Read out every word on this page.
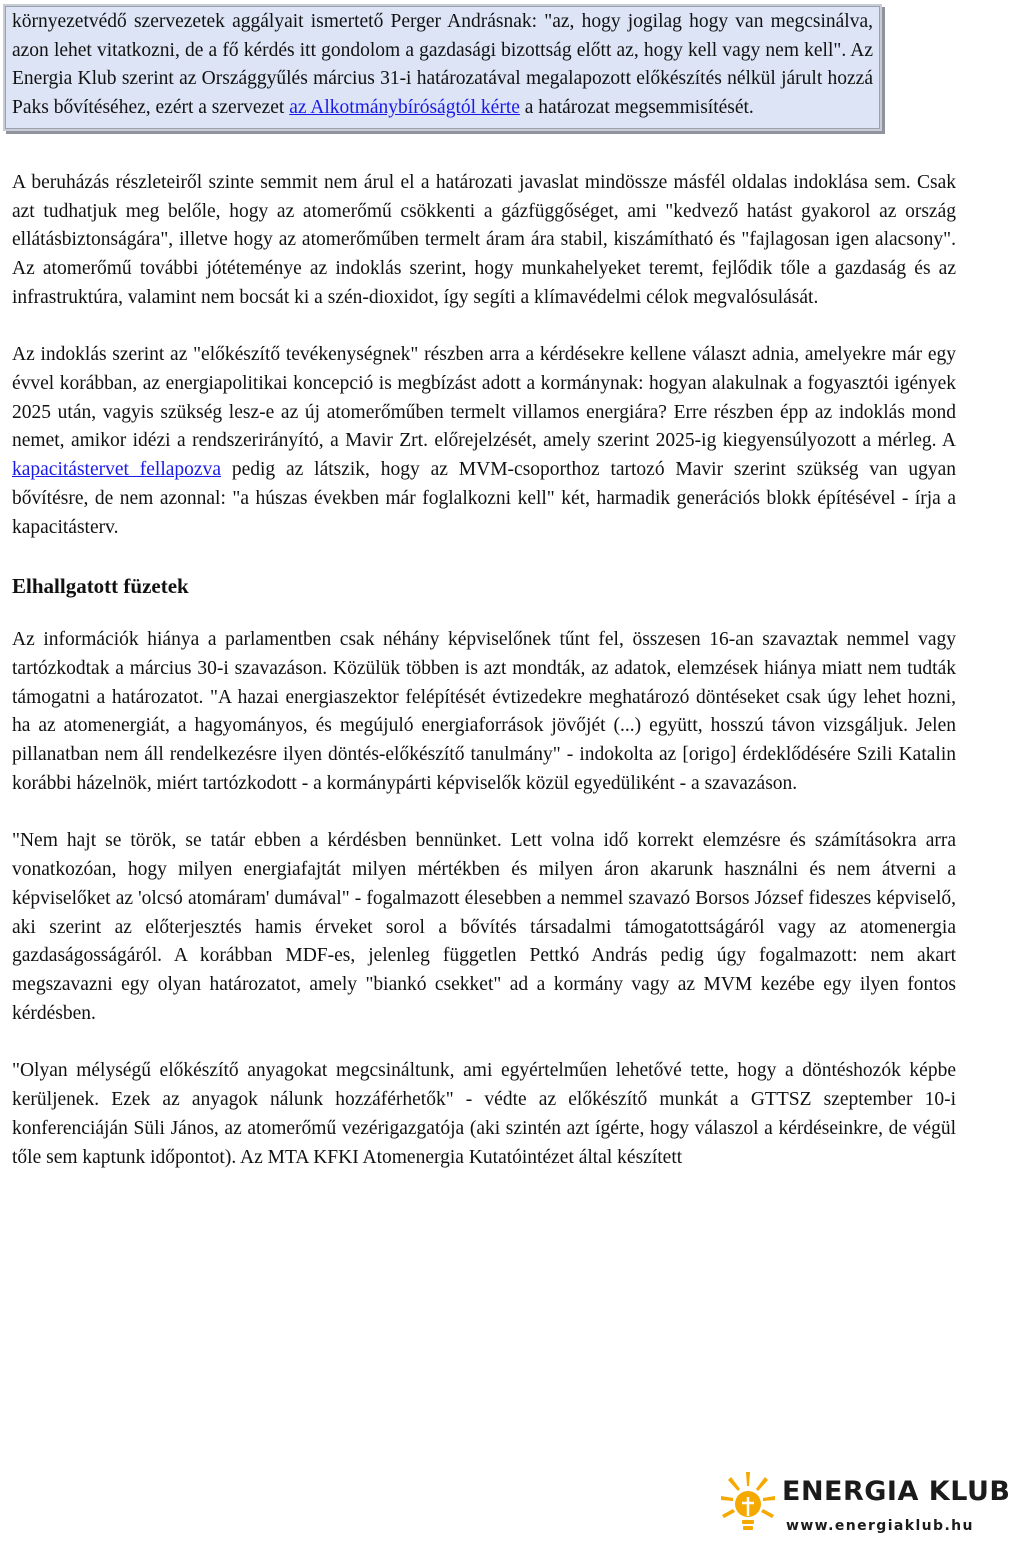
környezetvédő szervezetek aggályait ismertető Perger Andrásnak: "az, hogy jogilag hogy van megcsinálva, azon lehet vitatkozni, de a fő kérdés itt gondolom a gazdasági bizottság előtt az, hogy kell vagy nem kell". Az Energia Klub szerint az Országgyűlés március 31-i határozatával megalapozott előkészítés nélkül járult hozzá Paks bővítéséhez, ezért a szervezet az Alkotmánybíróságtól kérte a határozat megsemmisítését.

A beruházás részleteiről szinte semmit nem árul el a határozati javaslat mindössze másfél oldalas indoklása sem. Csak azt tudhatjuk meg belőle, hogy az atomerőmű csökkenti a gázfüggőséget, ami "kedvező hatást gyakorol az ország ellátásbiztonságára", illetve hogy az atomerőműben termelt áram ára stabil, kiszámítható és "fajlagosan igen alacsony". Az atomerőmű további jótéteménye az indoklás szerint, hogy munkahelyeket teremt, fejlődik tőle a gazdaság és az infrastruktúra, valamint nem bocsát ki a szén-dioxidot, így segíti a klímavédelmi célok megvalósulását.

Az indoklás szerint az "előkészítő tevékenységnek" részben arra a kérdésekre kellene választ adnia, amelyekre már egy évvel korábban, az energiapolitikai koncepció is megbízást adott a kormánynak: hogyan alakulnak a fogyasztói igények 2025 után, vagyis szükség lesz-e az új atomerőműben termelt villamos energiára? Erre részben épp az indoklás mond nemet, amikor idézi a rendszerirányító, a Mavir Zrt. előrejelzését, amely szerint 2025-ig kiegyensúlyozott a mérleg. A kapacitástervet fellapozva pedig az látszik, hogy az MVM-csoporthoz tartozó Mavir szerint szükség van ugyan bővítésre, de nem azonnal: "a húszas években már foglalkozni kell" két, harmadik generációs blokk építésével - írja a kapacitásterv.

Elhallgatott füzetek

Az információk hiánya a parlamentben csak néhány képviselőnek tűnt fel, összesen 16-an szavaztak nemmel vagy tartózkodtak a március 30-i szavazáson. Közülük többen is azt mondták, az adatok, elemzések hiánya miatt nem tudták támogatni a határozatot. "A hazai energiaszektor felépítését évtizedekre meghatározó döntéseket csak úgy lehet hozni, ha az atomenergiát, a hagyományos, és megújuló energiaforrások jövőjét (...) együtt, hosszú távon vizsgáljuk. Jelen pillanatban nem áll rendelkezésre ilyen döntés-előkészítő tanulmány" - indokolta az [origo] érdeklődésére Szili Katalin korábbi házelnök, miért tartózkodott - a kormánypárti képviselők közül egyedüliként - a szavazáson.

"Nem hajt se török, se tatár ebben a kérdésben bennünket. Lett volna idő korrekt elemzésre és számításokra arra vonatkozóan, hogy milyen energiafajtát milyen mértékben és milyen áron akarunk használni és nem átverni a képviselőket az 'olcsó atomáram' dumával" - fogalmazott élesebben a nemmel szavazó Borsos József fideszes képviselő, aki szerint az előterjesztés hamis érveket sorol a bővítés társadalmi támogatottságáról vagy az atomenergia gazdaságosságáról. A korábban MDF-es, jelenleg független Pettkó András pedig úgy fogalmazott: nem akart megszavazni egy olyan határozatot, amely "biankó csekket" ad a kormány vagy az MVM kezébe egy ilyen fontos kérdésben.

"Olyan mélységű előkészítő anyagokat megcsináltunk, ami egyértelműen lehetővé tette, hogy a döntéshozók képbe kerüljenek. Ezek az anyagok nálunk hozzáférhetők" - védte az előkészítő munkát a GTTSZ szeptember 10-i konferenciáján Süli János, az atomerőmű vezérigazgatója (aki szintén azt ígérte, hogy válaszol a kérdéseinkre, de végül tőle sem kaptunk időpontot). Az MTA KFKI Atomenergia Kutatóintézet által készített

ENERGIA KLUB
www.energiaklub.hu
